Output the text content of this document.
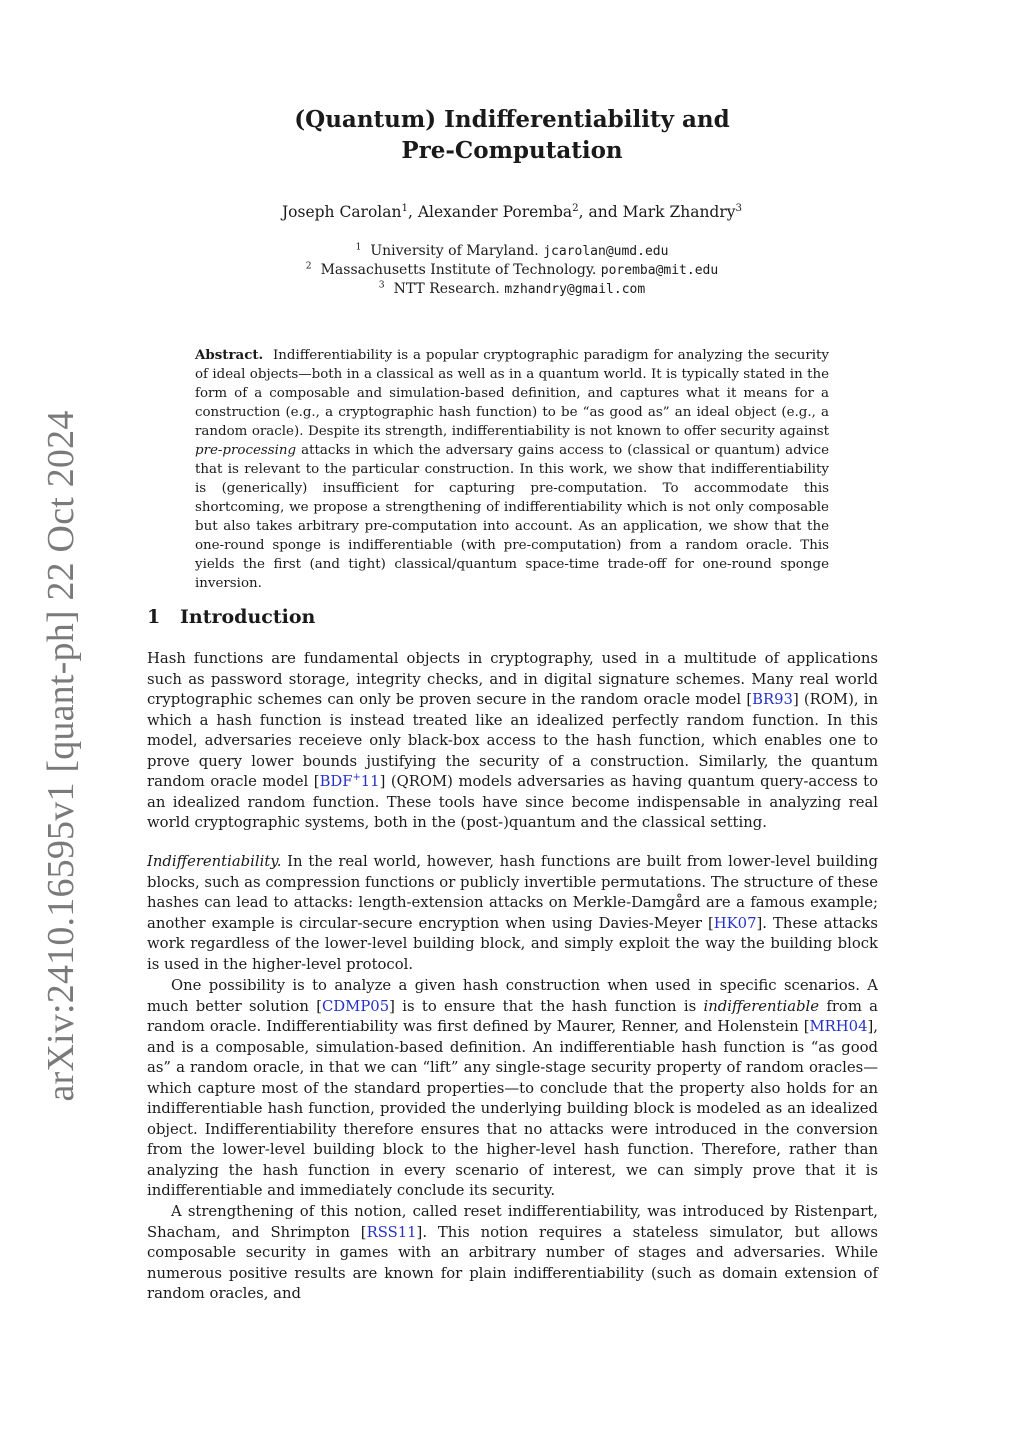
arXiv:2410.16595v1 [quant-ph] 22 Oct 2024
(Quantum) Indifferentiability and
Pre-Computation
Joseph Carolan$^1$, Alexander Poremba$^2$, and Mark Zhandry$^3$
$^1$ University of Maryland. jcarolan@umd.edu
$^2$ Massachusetts Institute of Technology. poremba@mit.edu
$^3$ NTT Research. mzhandry@gmail.com
Abstract. Indifferentiability is a popular cryptographic paradigm for analyzing the security of ideal objects—both in a classical as well as in a quantum world. It is typically stated in the form of a composable and simulation-based definition, and captures what it means for a construction (e.g., a cryptographic hash function) to be “as good as” an ideal object (e.g., a random oracle). Despite its strength, indifferentiability is not known to offer security against pre-processing attacks in which the adversary gains access to (classical or quantum) advice that is relevant to the particular construction. In this work, we show that indifferentiability is (generically) insufficient for capturing pre-computation. To accommodate this shortcoming, we propose a strengthening of indifferentiability which is not only composable but also takes arbitrary pre-computation into account. As an application, we show that the one-round sponge is indifferentiable (with pre-computation) from a random oracle. This yields the first (and tight) classical/quantum space-time trade-off for one-round sponge inversion.
1 Introduction

Hash functions are fundamental objects in cryptography, used in a multitude of applications such as password storage, integrity checks, and in digital signature schemes. Many real world cryptographic schemes can only be proven secure in the random oracle model [BR93] (ROM), in which a hash function is instead treated like an idealized perfectly random function. In this model, adversaries receieve only black-box access to the hash function, which enables one to prove query lower bounds justifying the security of a construction. Similarly, the quantum random oracle model [BDF+11] (QROM) models adversaries as having quantum query-access to an idealized random function. These tools have since become indispensable in analyzing real world cryptographic systems, both in the (post-)quantum and the classical setting.

Indifferentiability. In the real world, however, hash functions are built from lower-level building blocks, such as compression functions or publicly invertible permutations. The structure of these hashes can lead to attacks: length-extension attacks on Merkle-Damgård are a famous example; another example is circular-secure encryption when using Davies-Meyer [HK07]. These attacks work regardless of the lower-level building block, and simply exploit the way the building block is used in the higher-level protocol.

One possibility is to analyze a given hash construction when used in specific scenarios. A much better solution [CDMP05] is to ensure that the hash function is indifferentiable from a random oracle. Indifferentiability was first defined by Maurer, Renner, and Holenstein [MRH04], and is a composable, simulation-based definition. An indifferentiable hash function is “as good as” a random oracle, in that we can “lift” any single-stage security property of random oracles—which capture most of the standard properties—to conclude that the property also holds for an indifferentiable hash function, provided the underlying building block is modeled as an idealized object. Indifferentiability therefore ensures that no attacks were introduced in the conversion from the lower-level building block to the higher-level hash function. Therefore, rather than analyzing the hash function in every scenario of interest, we can simply prove that it is indifferentiable and immediately conclude its security.

A strengthening of this notion, called reset indifferentiability, was introduced by Ristenpart, Shacham, and Shrimpton [RSS11]. This notion requires a stateless simulator, but allows composable security in games with an arbitrary number of stages and adversaries. While numerous positive results are known for plain indifferentiability (such as domain extension of random oracles, and
